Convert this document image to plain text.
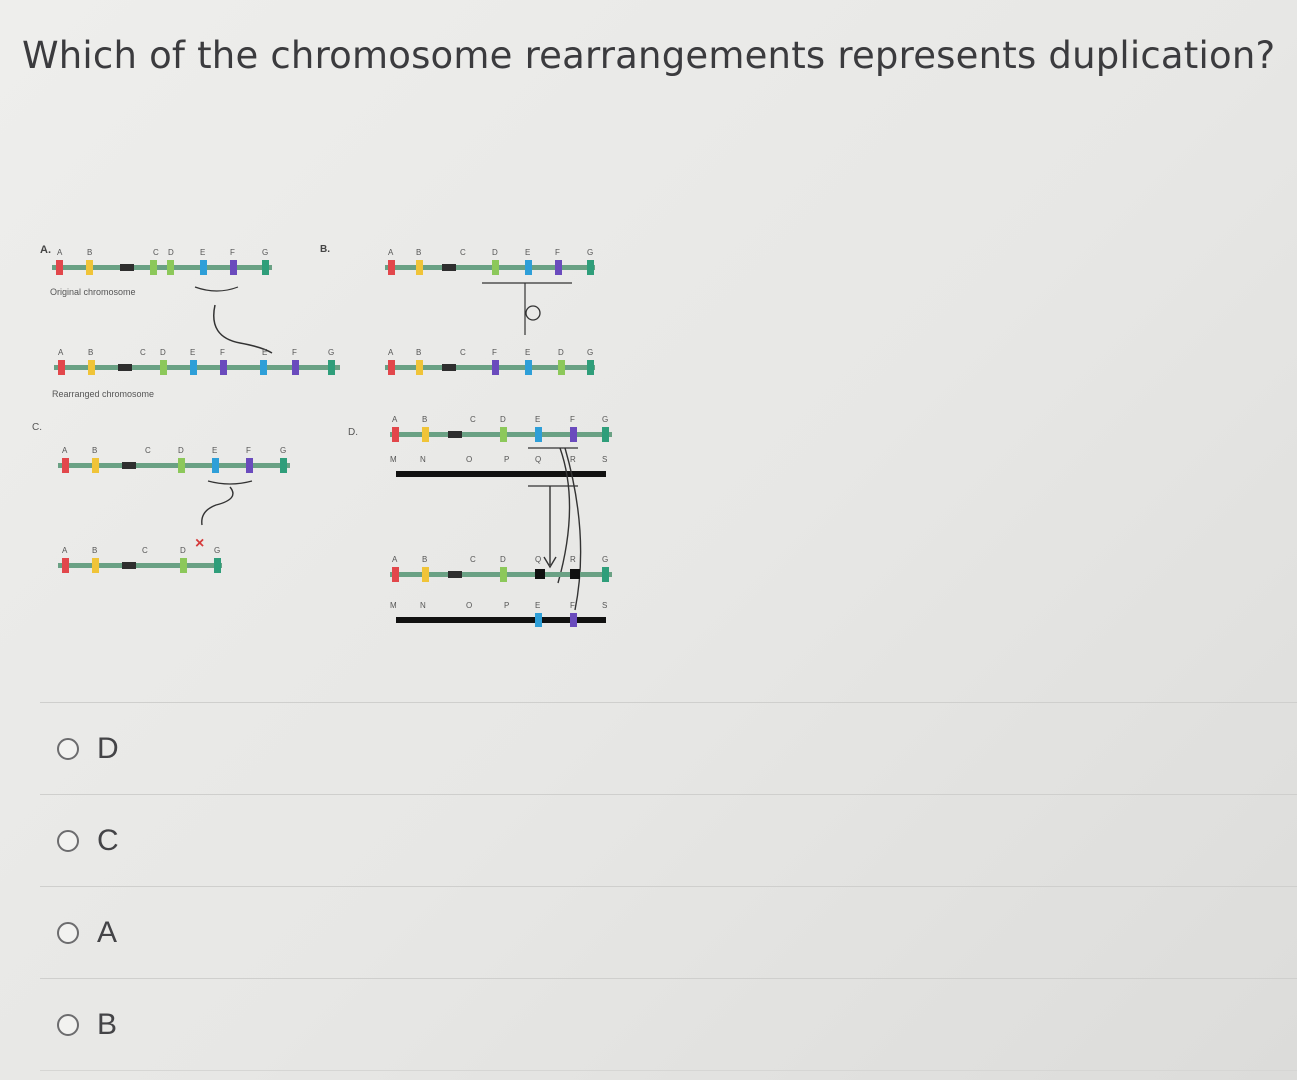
Which of the chromosome rearrangements represents duplication?
A. A	B	C D	E	F	G
Original chromosome
A	B	C D	E	F	E	F	G
Rearranged chromosome
B.	A	B	C	D	E	F	G
A	B	C	F	E	D	G
C.
A	B	C	D	E	F	G
×
A	B	C	D	G
D.
A	B	C	D	E	F	G
M	N	O	P	Q	R	S
A	B	C	D	Q	R	G
M	N	O	P	E	F	S
D
C
A
B
